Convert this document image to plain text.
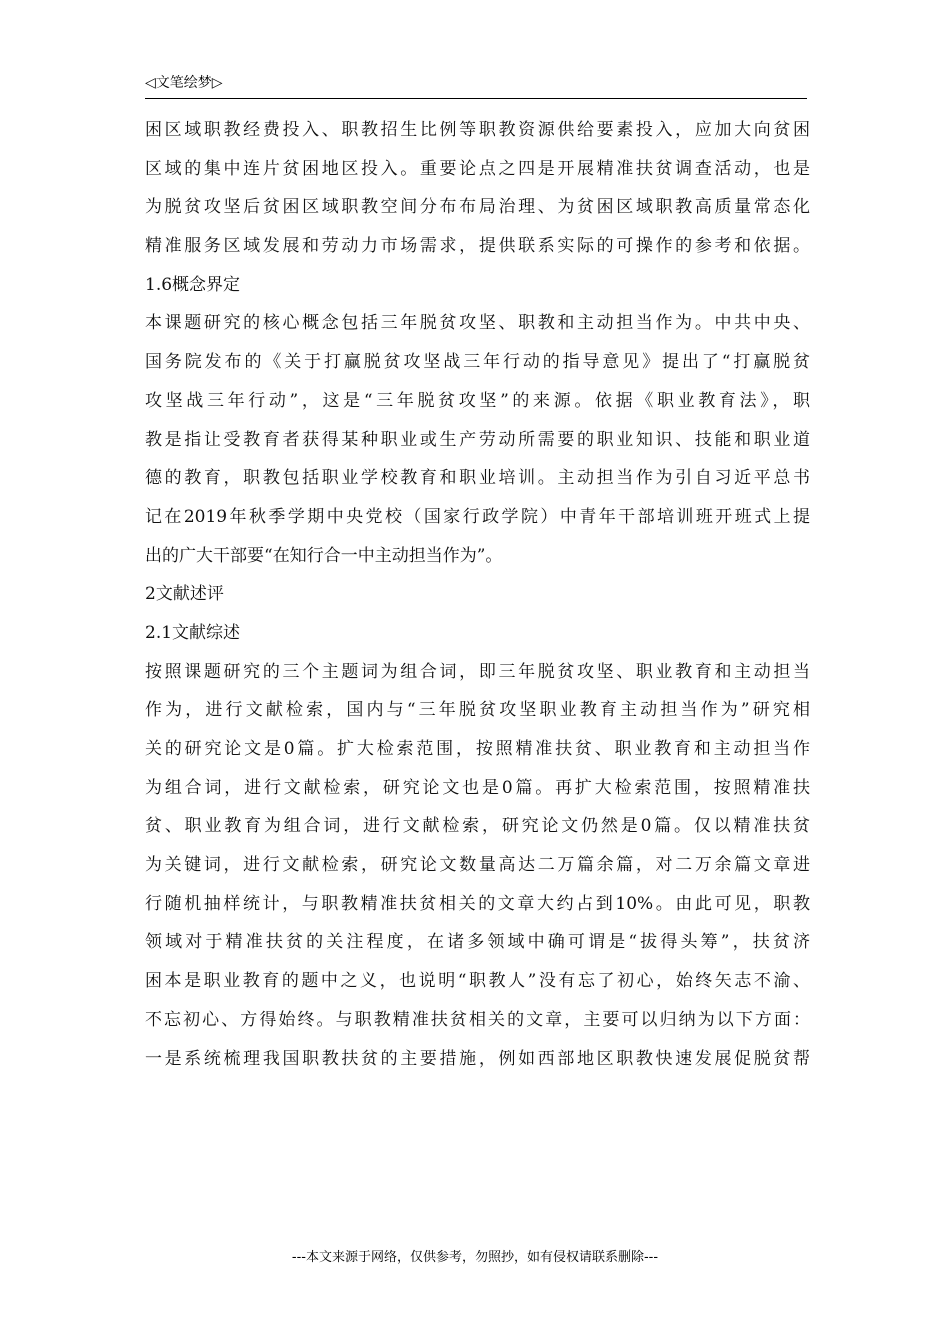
◁文笔绘梦▷
困区域职教经费投入、职教招生比例等职教资源供给要素投入，应加大向贫困
区域的集中连片贫困地区投入。重要论点之四是开展精准扶贫调查活动，也是
为脱贫攻坚后贫困区域职教空间分布布局治理、为贫困区域职教高质量常态化
精准服务区域发展和劳动力市场需求，提供联系实际的可操作的参考和依据。
1.6概念界定
本课题研究的核心概念包括三年脱贫攻坚、职教和主动担当作为。中共中央、
国务院发布的《关于打赢脱贫攻坚战三年行动的指导意见》提出了“打赢脱贫
攻坚战三年行动”，这是“三年脱贫攻坚”的来源。依据《职业教育法》，职
教是指让受教育者获得某种职业或生产劳动所需要的职业知识、技能和职业道
德的教育，职教包括职业学校教育和职业培训。主动担当作为引自习近平总书
记在2019年秋季学期中央党校（国家行政学院）中青年干部培训班开班式上提
出的广大干部要“在知行合一中主动担当作为”。
2文献述评
2.1文献综述
按照课题研究的三个主题词为组合词，即三年脱贫攻坚、职业教育和主动担当
作为，进行文献检索，国内与“三年脱贫攻坚职业教育主动担当作为”研究相
关的研究论文是0篇。扩大检索范围，按照精准扶贫、职业教育和主动担当作
为组合词，进行文献检索，研究论文也是0篇。再扩大检索范围，按照精准扶
贫、职业教育为组合词，进行文献检索，研究论文仍然是0篇。仅以精准扶贫
为关键词，进行文献检索，研究论文数量高达二万篇余篇，对二万余篇文章进
行随机抽样统计，与职教精准扶贫相关的文章大约占到10%。由此可见，职教
领域对于精准扶贫的关注程度，在诸多领域中确可谓是“拔得头筹”，扶贫济
困本是职业教育的题中之义，也说明“职教人”没有忘了初心，始终矢志不渝、
不忘初心、方得始终。与职教精准扶贫相关的文章，主要可以归纳为以下方面：
一是系统梳理我国职教扶贫的主要措施，例如西部地区职教快速发展促脱贫帮
---本文来源于网络，仅供参考，勿照抄，如有侵权请联系删除---
